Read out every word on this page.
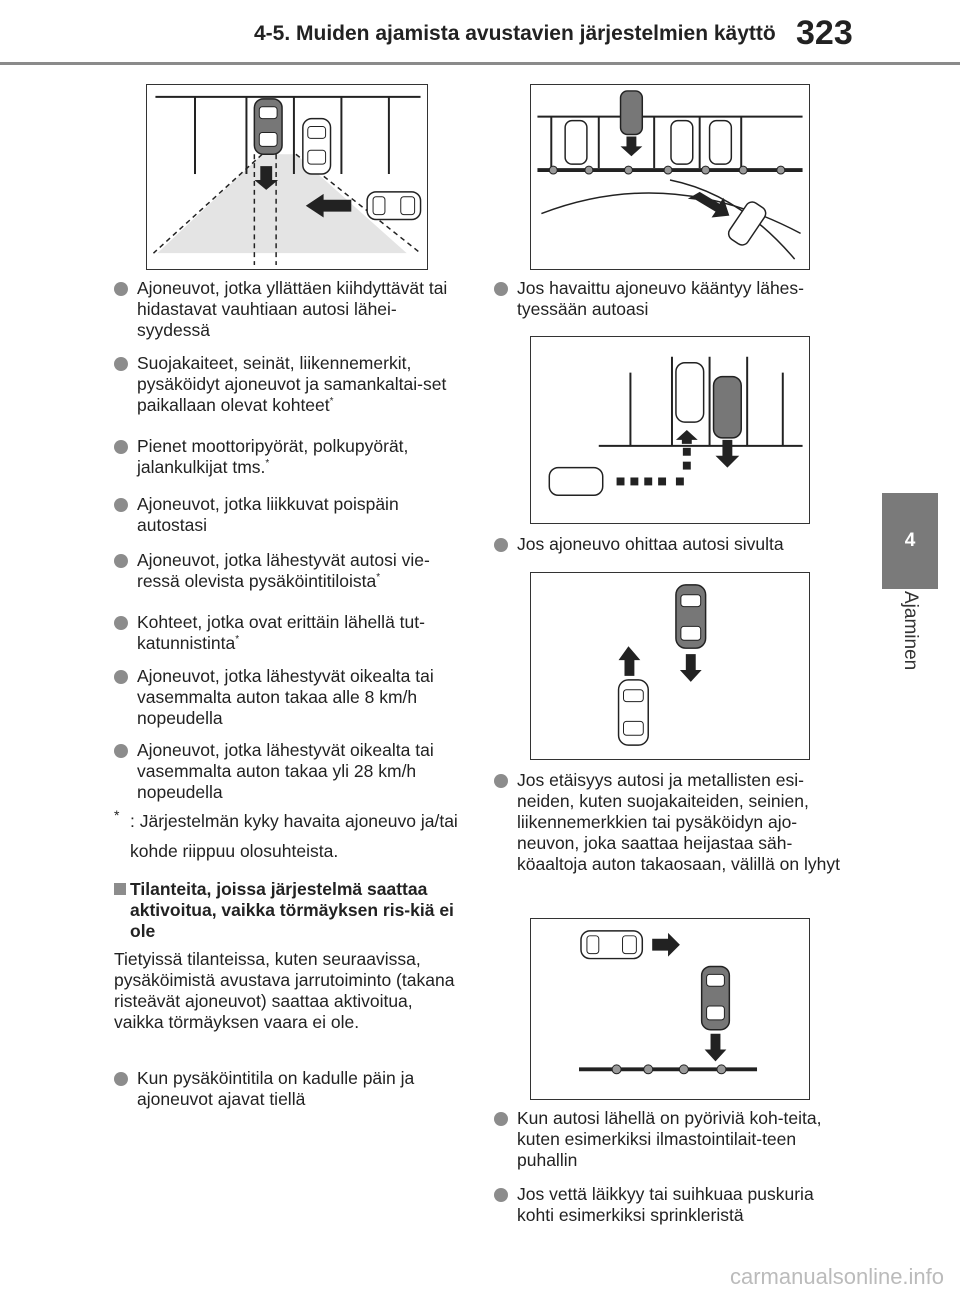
4-5. Muiden ajamista avustavien järjestelmien käyttö 323
4
Ajaminen
Ajoneuvot, jotka yllättäen kiihdyttävät tai hidastavat vauhtiaan autosi lähei-syydessä
Suojakaiteet, seinät, liikennemerkit, pysäköidyt ajoneuvot ja samankaltai-set paikallaan olevat kohteet*
Pienet moottoripyörät, polkupyörät, jalankulkijat tms.*
Ajoneuvot, jotka liikkuvat poispäin autostasi
Ajoneuvot, jotka lähestyvät autosi vie-ressä olevista pysäköintitiloista*
Kohteet, jotka ovat erittäin lähellä tut-katunnistinta*
Ajoneuvot, jotka lähestyvät oikealta tai vasemmalta auton takaa alle 8 km/h nopeudella
Ajoneuvot, jotka lähestyvät oikealta tai vasemmalta auton takaa yli 28 km/h nopeudella
* : Järjestelmän kyky havaita ajoneuvo ja/tai kohde riippuu olosuhteista.
Tilanteita, joissa järjestelmä saattaa aktivoitua, vaikka törmäyksen ris-kiä ei ole
Tietyissä tilanteissa, kuten seuraavissa, pysäköimistä avustava jarrutoiminto (takana risteävät ajoneuvot) saattaa aktivoitua, vaikka törmäyksen vaara ei ole.
Kun pysäköintitila on kadulle päin ja ajoneuvot ajavat tiellä
Jos havaittu ajoneuvo kääntyy lähes-tyessään autoasi
Jos ajoneuvo ohittaa autosi sivulta
Jos etäisyys autosi ja metallisten esi-neiden, kuten suojakaiteiden, seinien, liikennemerkkien tai pysäköidyn ajo-neuvon, joka saattaa heijastaa säh-köaaltoja auton takaosaan, välillä on lyhyt
Kun autosi lähellä on pyöriviä koh-teita, kuten esimerkiksi ilmastointilait-teen puhallin
Jos vettä läikkyy tai suihkuaa puskuria kohti esimerkiksi sprinkleristä
carmanualsonline.info
